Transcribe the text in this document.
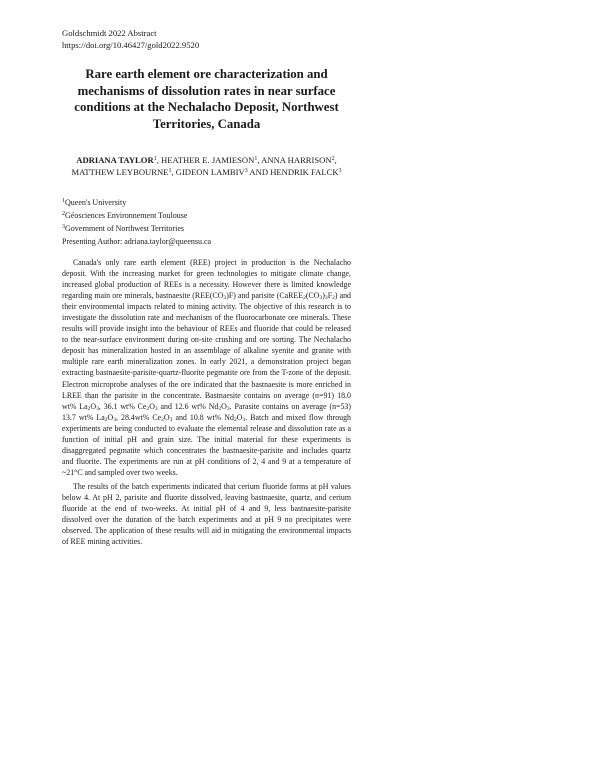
Goldschmidt 2022 Abstract
https://doi.org/10.46427/gold2022.9520
Rare earth element ore characterization and mechanisms of dissolution rates in near surface conditions at the Nechalacho Deposit, Northwest Territories, Canada
ADRIANA TAYLOR$^1$, HEATHER E. JAMIESON$^1$, ANNA HARRISON$^2$, MATTHEW LEYBOURNE$^1$, GIDEON LAMBIV$^3$ AND HENDRIK FALCK$^3$
$^1$Queen's University
$^2$Géosciences Environnement Toulouse
$^3$Government of Northwest Territories
Presenting Author: adriana.taylor@queensu.ca

Canada's only rare earth element (REE) project in production is the Nechalacho deposit. With the increasing market for green technologies to mitigate climate change, increased global production of REEs is a necessity. However there is limited knowledge regarding main ore minerals, bastnaesite $(REE(CO_3)F)$ and parisite $(CaREE_2(CO_3)_3F_2)$ and their environmental impacts related to mining activity. The objective of this research is to investigate the dissolution rate and mechanism of the fluorocarbonate ore minerals. These results will provide insight into the behaviour of REEs and fluoride that could be released to the near-surface environment during on-site crushing and ore sorting. The Nechalacho deposit has mineralization hosted in an assemblage of alkaline syenite and granite with multiple rare earth mineralization zones. In early 2021, a demonstration project began extracting bastnaesite-parisite-quartz-fluorite pegmatite ore from the T-zone of the deposit. Electron microprobe analyses of the ore indicated that the bastnaesite is more enriched in LREE than the parisite in the concentrate. Bastnaesite contains on average (n=91) 18.0 wt% $La_2O_3$, 36.1 wt% $Ce_2O_3$ and 12.6 wt% $Nd_2O_3$. Parasite contains on average (n=53) 13.7 wt% $La_2O_3$, 28.4wt% $Ce_2O_3$ and 10.8 wt% $Nd_2O_3$. Batch and mixed flow through experiments are being conducted to evaluate the elemental release and dissolution rate as a function of initial pH and grain size. The initial material for these experiments is disaggregated pegmatite which concentrates the bastnaesite-parisite and includes quartz and fluorite. The experiments are run at pH conditions of 2, 4 and 9 at a temperature of ~21°C and sampled over two weeks.

The results of the batch experiments indicated that cerium fluoride forms at pH values below 4. At pH 2, parisite and fluorite dissolved, leaving bastnaesite, quartz, and cerium fluoride at the end of two-weeks. At initial pH of 4 and 9, less bastnaesite-parisite dissolved over the duration of the batch experiments and at pH 9 no precipitates were observed. The application of these results will aid in mitigating the environmental impacts of REE mining activities.
